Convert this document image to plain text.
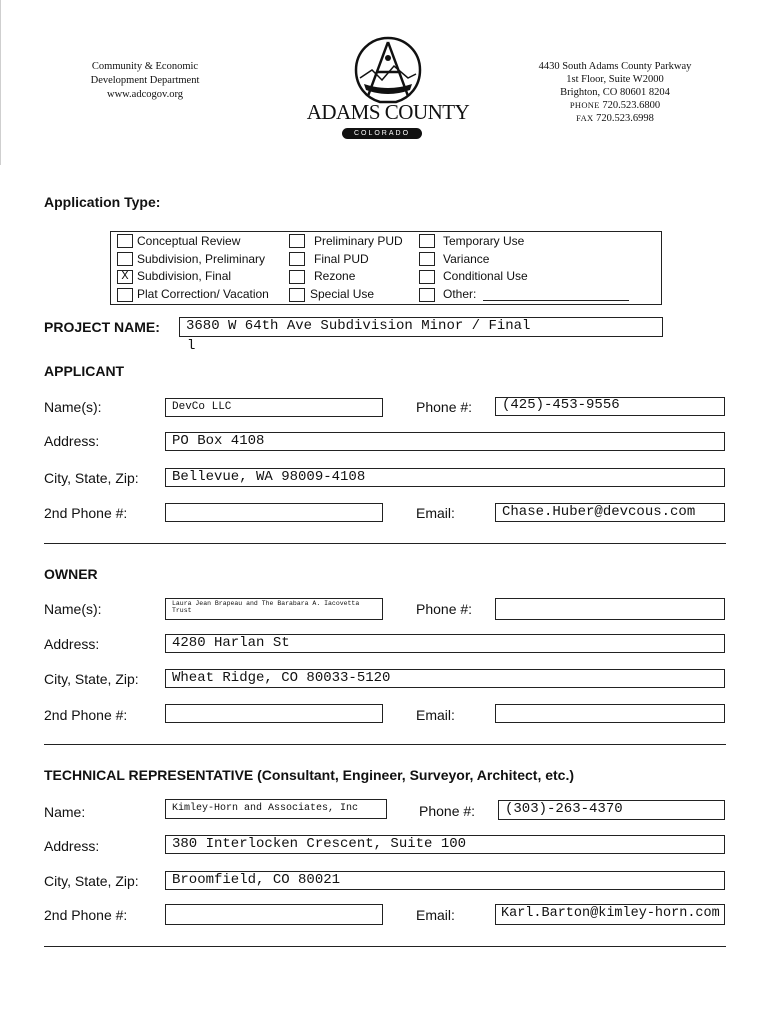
Community & Economic
Development Department
www.adcogov.org
ADAMS COUNTY
COLORADO
4430 South Adams County Parkway
1st Floor, Suite W2000
Brighton, CO 80601 8204
PHONE 720.523.6800
FAX 720.523.6998
Application Type:
Conceptual Review
Subdivision, Preliminary
X Subdivision, Final
Plat Correction/ Vacation
Preliminary PUD
Final PUD
Rezone
Special Use
Temporary Use
Variance
Conditional Use
Other:
PROJECT NAME:	3680 W 64th Ave Subdivision Minor / Final
l
APPLICANT
Name(s):	DevCo LLC	Phone #:	(425)-453-9556
Address:	PO Box 4108
City, State, Zip:	Bellevue, WA 98009-4108
2nd Phone #:	Email:	Chase.Huber@devcous.com
OWNER
Name(s):	Laura Jean Brapeau and The Barabara A. Iacovetta Trust	Phone #:
Address:	4280 Harlan St
City, State, Zip:	Wheat Ridge, CO 80033-5120
2nd Phone #:	Email:
TECHNICAL REPRESENTATIVE (Consultant, Engineer, Surveyor, Architect, etc.)
Name:	Kimley-Horn and Associates, Inc	Phone #:	(303)-263-4370
Address:	380 Interlocken Crescent, Suite 100
City, State, Zip:	Broomfield, CO 80021
2nd Phone #:	Email:	Karl.Barton@kimley-horn.com
